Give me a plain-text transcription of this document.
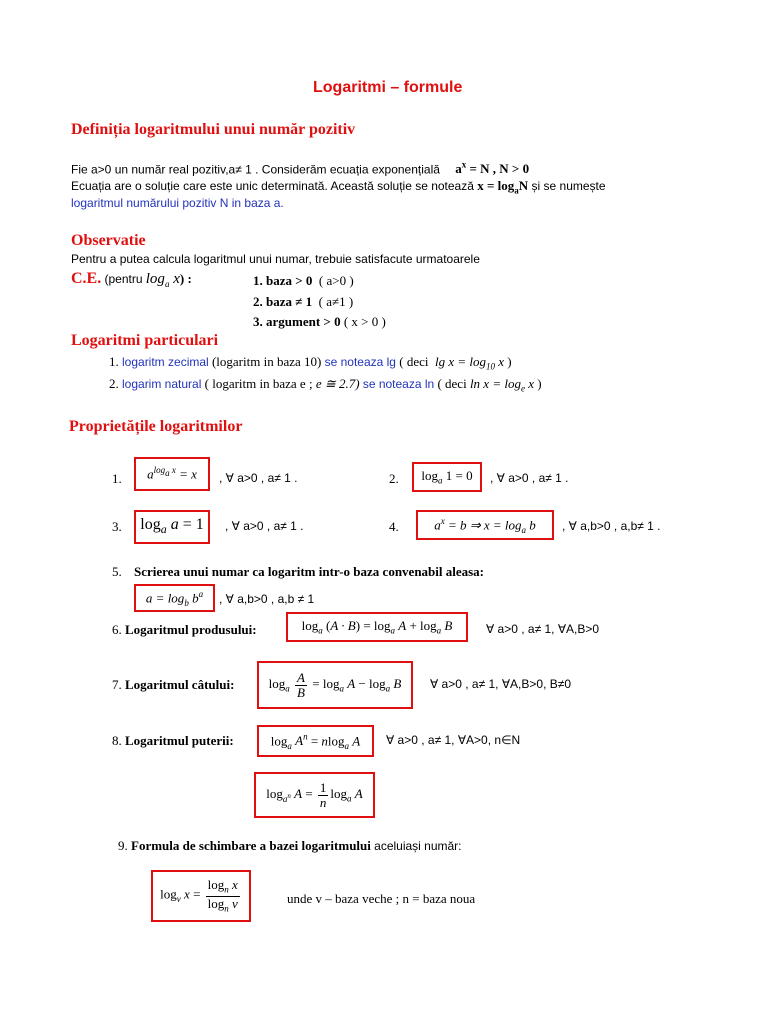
Logaritmi – formule
Definiția logaritmului unui număr pozitiv
Fie a>0 un număr real pozitiv,a≠ 1 . Considerăm ecuația exponențială $a^x = N$ , N > 0
Ecuația are o soluție care este unic determinată. Această soluție se notează $x = \log_aN$ și se numește
logaritmul numărului pozitiv N in baza a.
Observatie
Pentru a putea calcula logaritmul unui numar, trebuie satisfacute urmatoarele
C.E. (pentru $\log_a x$) :	1. baza > 0 ( a>0 )
2. baza ≠ 1 ( a≠1 )
3. argument > 0 ( x > 0 )
Logaritmi particulari
1. logaritm zecimal (logaritm in baza 10) se noteaza lg ( deci $\lg x = \log_{10} x$ )
2. logarim natural ( logaritm in baza e ; e ≅ 2.7) se noteaza ln ( deci $\ln x = \log_e x$ )
Proprietățile logaritmilor
1. $a^{log_a x} = x$ , ∀ a>0 , a≠ 1 .	2. $\log_a 1 = 0$ , ∀ a>0 , a≠ 1 .
3. $\log_a a = 1$ , ∀ a>0 , a≠ 1 .	4.	$a^x = b$ ⇒ $x = \log_a b$ , ∀ a,b>0 , a,b≠ 1 .
5. Scrierea unui numar ca logaritm intr-o baza convenabil aleasa:
$a = \log_b b^a$ , ∀ a,b>0 , a,b ≠ 1
6. Logaritmul produsului:	$\log_a (A \cdot B) = \log_a A + \log_a B$	∀ a>0 , a≠ 1, ∀A,B>0
7. Logaritmul câtului:	$\log_a \frac{A}{B} = \log_a A - \log_a B$ ∀ a>0 , a≠ 1, ∀A,B>0, B≠0
8. Logaritmul puterii:	$\log_a A^n = nlog_a$ A ∀ a>0 , a≠ 1, ∀A>0, n∈N
$\log_{a^n} A = \frac{1}{n} \log_a A$
9. Formula de schimbare a bazei logaritmului aceluiași număr:
$\log_v x = \frac{\log_n x}{\log_n v}$	unde v – baza veche ; n = baza noua
